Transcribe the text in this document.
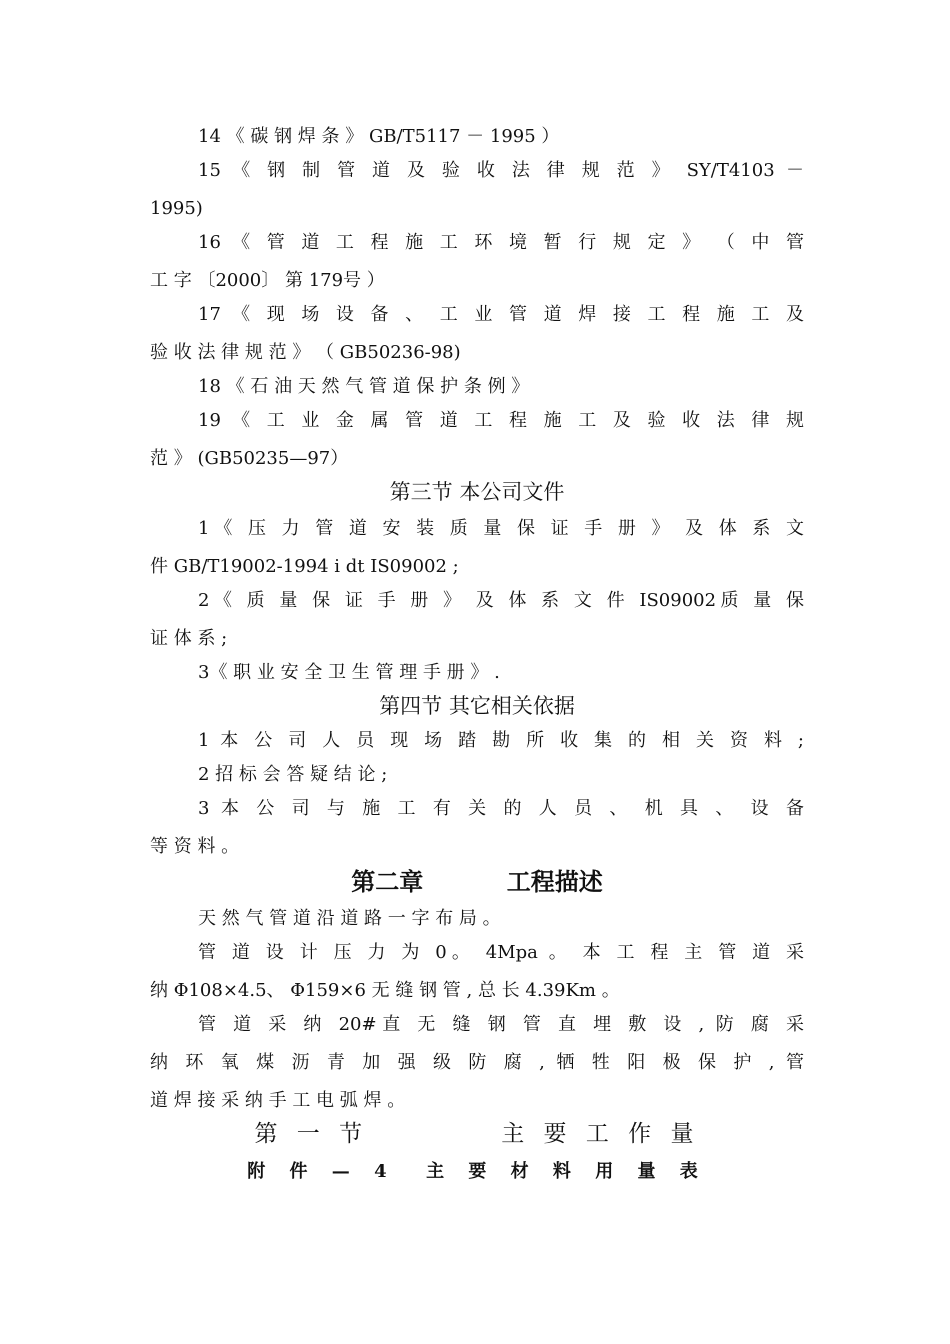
14 《 碳 钢 焊 条 》 GB/T5117 － 1995 ）
15 《 钢 制 管 道 及 验 收 法 律 规 范 》 SY/T4103 －
1995)
16 《 管 道 工 程 施 工 环 境 暂 行 规 定 》 （ 中 管
工 字 〔2000〕 第 179号 ）
17 《 现 场 设 备 、 工 业 管 道 焊 接 工 程 施 工 及
验 收 法 律 规 范 》 （ GB50236-98)
18 《 石 油 天 然 气 管 道 保 护 条 例 》
19 《 工 业 金 属 管 道 工 程 施 工 及 验 收 法 律 规
范 》 (GB50235—97）
第三节 本公司文件
1《 压 力 管 道 安 装 质 量 保 证 手 册 》 及 体 系 文
件 GB/T19002-1994 i dt IS09002 ;
2《 质 量 保 证 手 册 》 及 体 系 文 件 IS09002质 量 保
证 体 系 ;
3《 职 业 安 全 卫 生 管 理 手 册 》 .
第四节 其它相关依据
1 本 公 司 人 员 现 场 踏 勘 所 收 集 的 相 关 资 料 ;
2 招 标 会 答 疑 结 论 ;
3 本 公 司 与 施 工 有 关 的 人 员 、 机 具 、 设 备
等 资 料 。
第二章          工程描述
天 然 气 管 道 沿 道 路 一 字 布 局 。
管 道 设 计 压 力 为 0。 4Mpa 。 本 工 程 主 管 道 采
纳 Φ108×4.5、 Φ159×6 无 缝 钢 管 , 总 长 4.39Km 。
管 道 采 纳 20#直 无 缝 钢 管 直 埋 敷 设 , 防 腐 采
纳 环 氧 煤 沥 青 加 强 级 防 腐 , 牺 牲 阳 极 保 护 , 管
道 焊 接 采 纳 手 工 电 弧 焊 。
第 一 节          主 要 工 作 量
附 件 — 4  主 要 材 料 用 量 表
